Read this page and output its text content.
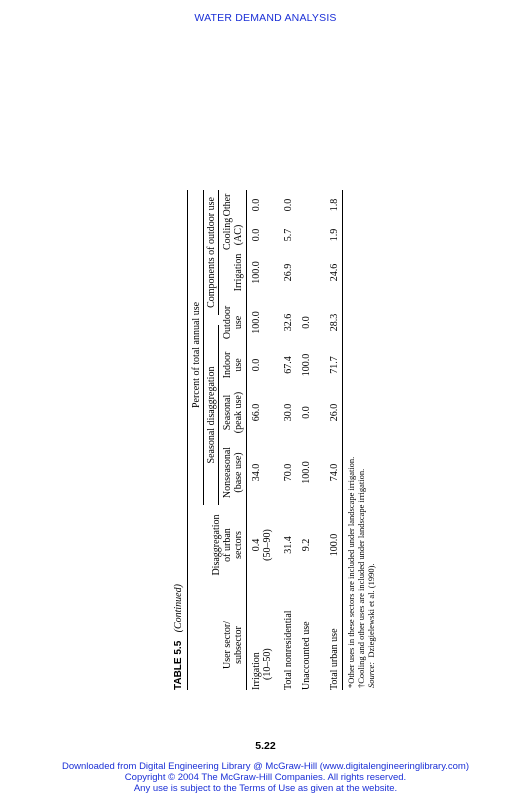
WATER DEMAND ANALYSIS
TABLE 5.5   (Continued)
Percent of total annual use
Seasonal disaggregation
Components of outdoor use
User sector/ subsector
Disaggregation of urban sectors
Nonseasonal (base use)
Seasonal (peak use)
Indoor use
Outdoor use
Irrigation
Cooling (AC)
Other
Irrigation (10–50)
0.4 (50–90)
34.0
66.0
0.0
100.0
100.0
0.0
0.0
Total nonresidential
31.4
70.0
30.0
67.4
32.6
26.9
5.7
0.0
Unaccounted use
9.2
100.0
0.0
100.0
0.0
Total urban use
100.0
74.0
26.0
71.7
28.3
24.6
1.9
1.8
*Other uses in these sectors are included under landscape irrigation. †Cooling and other uses are included under landscape irrigation. Source:  Dziegielewski et al. (1990).
5.22
Downloaded from Digital Engineering Library @ McGraw-Hill (www.digitalengineeringlibrary.com)
Copyright © 2004 The McGraw-Hill Companies. All rights reserved.
Any use is subject to the Terms of Use as given at the website.
